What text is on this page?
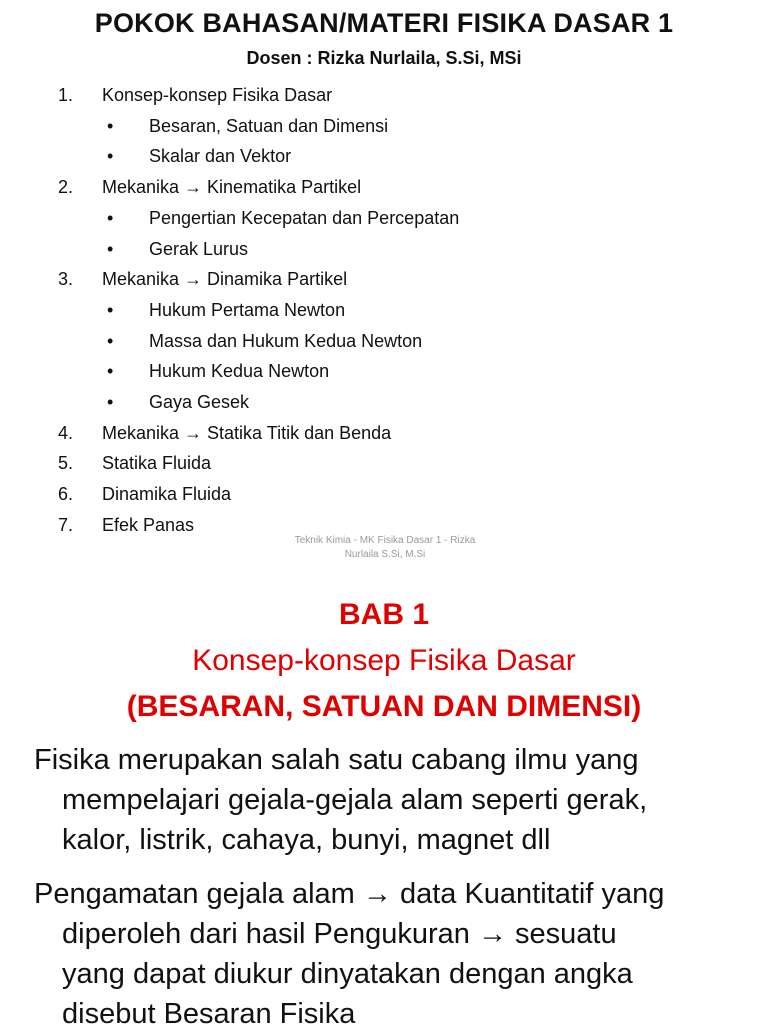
POKOK BAHASAN/MATERI FISIKA DASAR 1
Dosen : Rizka Nurlaila, S.Si, MSi
1. Konsep-konsep Fisika Dasar
• Besaran, Satuan dan Dimensi
• Skalar dan Vektor
2. Mekanika → Kinematika Partikel
• Pengertian Kecepatan dan Percepatan
• Gerak Lurus
3. Mekanika → Dinamika Partikel
• Hukum Pertama Newton
• Massa dan Hukum Kedua Newton
• Hukum Kedua Newton
• Gaya Gesek
4. Mekanika → Statika Titik dan Benda
5. Statika Fluida
6. Dinamika Fluida
7. Efek Panas
Teknik Kimia - MK Fisika Dasar 1 - Rizka
Nurlaila S.Si, M.Si
BAB 1
Konsep-konsep Fisika Dasar
(BESARAN, SATUAN DAN DIMENSI)
Fisika merupakan salah satu cabang ilmu yang
mempelajari gejala-gejala alam seperti gerak,
kalor, listrik, cahaya, bunyi, magnet dll
Pengamatan gejala alam → data Kuantitatif yang
diperoleh dari hasil Pengukuran → sesuatu
yang dapat diukur dinyatakan dengan angka
disebut Besaran Fisika
